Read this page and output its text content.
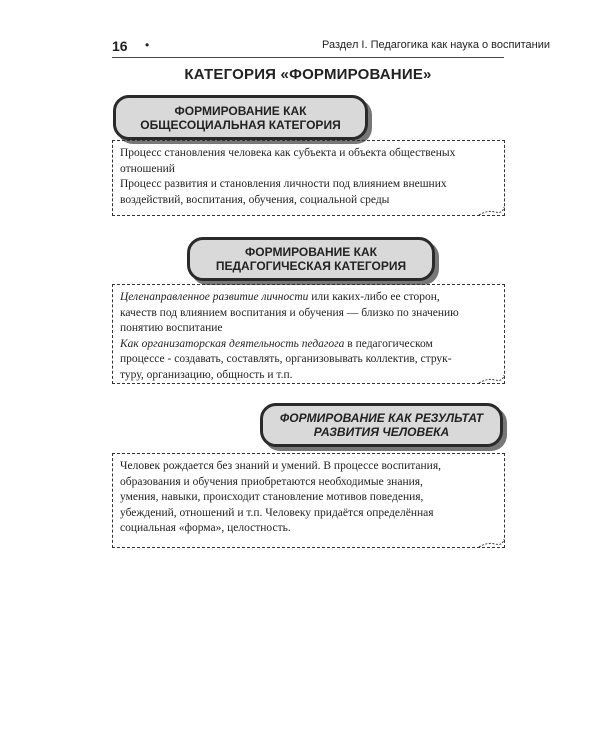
16 •	Раздел I. Педагогика как наука о воспитании
КАТЕГОРИЯ «ФОРМИРОВАНИЕ»
ФОРМИРОВАНИЕ КАК
ОБЩЕСОЦИАЛЬНАЯ КАТЕГОРИЯ
Процесс становления человека как субъекта и объекта общественых
отношений
Процесс развития и становления личности под влиянием внешних
воздействий, воспитания, обучения, социальной среды
ФОРМИРОВАНИЕ КАК
ПЕДАГОГИЧЕСКАЯ КАТЕГОРИЯ
Целенаправленное развитие личности или каких-либо ее сторон,
качеств под влиянием воспитания и обучения — близко по значению
понятию воспитание
Как организаторская деятельность педагога в педагогическом
процессе - создавать, составлять, организовывать коллектив, струк-
туру, организацию, общность и т.п.
ФОРМИРОВАНИЕ КАК РЕЗУЛЬТАТ
РАЗВИТИЯ ЧЕЛОВЕКА
Человек рождается без знаний и умений. В процессе воспитания,
образования и обучения приобретаются необходимые знания,
умения, навыки, происходит становление мотивов поведения,
убеждений, отношений и т.п. Человеку придаётся определённая
социальная «форма», целостность.
